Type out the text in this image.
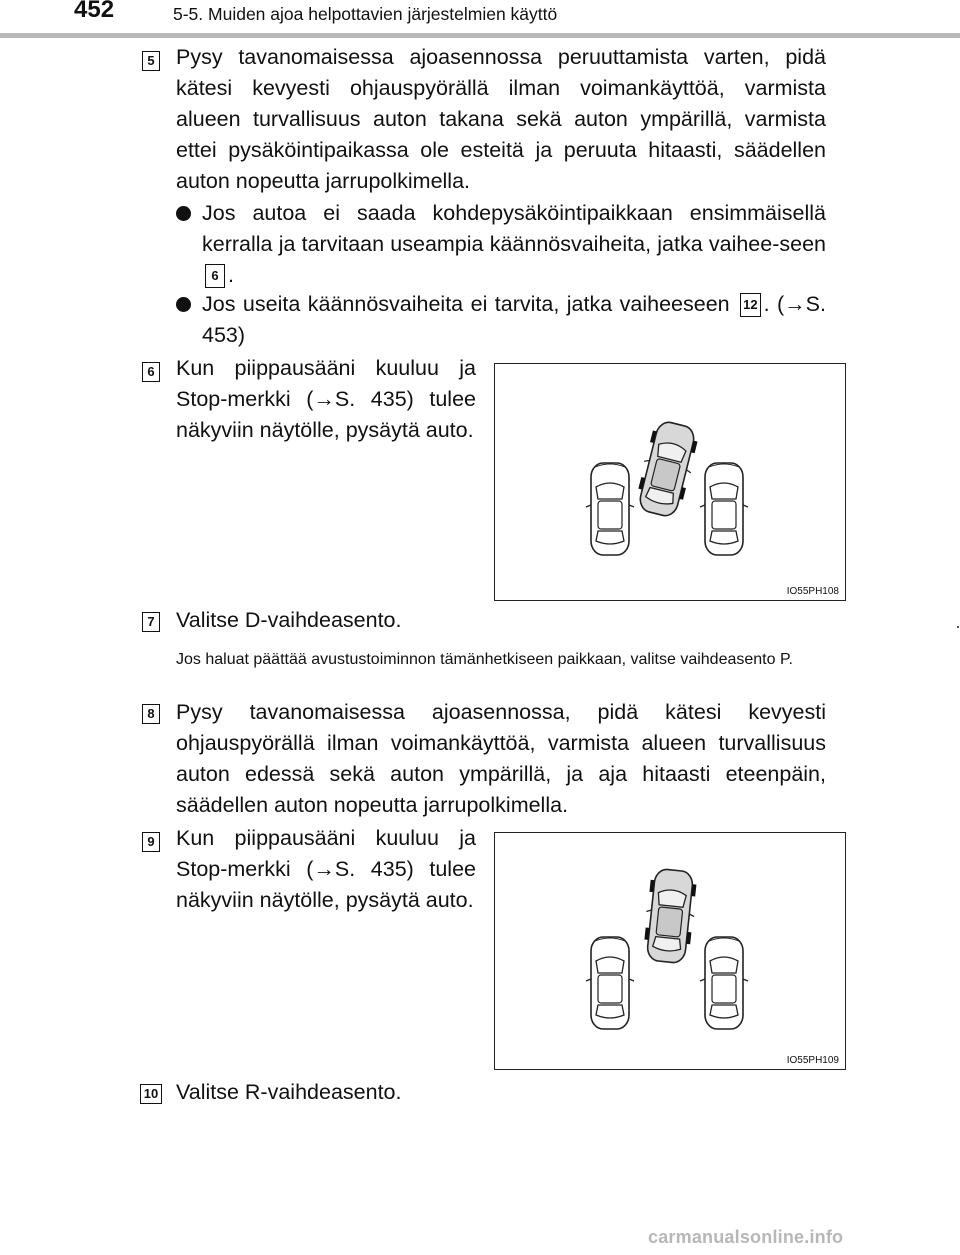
452	5-5. Muiden ajoa helpottavien järjestelmien käyttö
5 Pysy tavanomaisessa ajoasennossa peruuttamista varten, pidä kätesi kevyesti ohjauspyörällä ilman voimankäyttöä, varmista alueen turvallisuus auton takana sekä auton ympärillä, varmista ettei pysäköintipaikassa ole esteitä ja peruuta hitaasti, säädellen auton nopeutta jarrupolkimella.
Jos autoa ei saada kohdepysäköintipaikkaan ensimmäisellä kerralla ja tarvitaan useampia käännösvaiheita, jatka vaihee-seen 6 .
Jos useita käännösvaiheita ei tarvita, jatka vaiheeseen 12 . (→S. 453)
6 Kun piippausääni kuuluu ja Stop-merkki (→S. 435) tulee näkyviin näytölle, pysäytä auto.
IO55PH108
7 Valitse D-vaihdeasento.
Jos haluat päättää avustustoiminnon tämänhetkiseen paikkaan, valitse vaihdeasento P.
8 Pysy tavanomaisessa ajoasennossa, pidä kätesi kevyesti ohjauspyörällä ilman voimankäyttöä, varmista alueen turvallisuus auton edessä sekä auton ympärillä, ja aja hitaasti eteenpäin, säädellen auton nopeutta jarrupolkimella.
9 Kun piippausääni kuuluu ja Stop-merkki (→S. 435) tulee näkyviin näytölle, pysäytä auto.
IO55PH109
10 Valitse R-vaihdeasento.
carmanualsonline.info
